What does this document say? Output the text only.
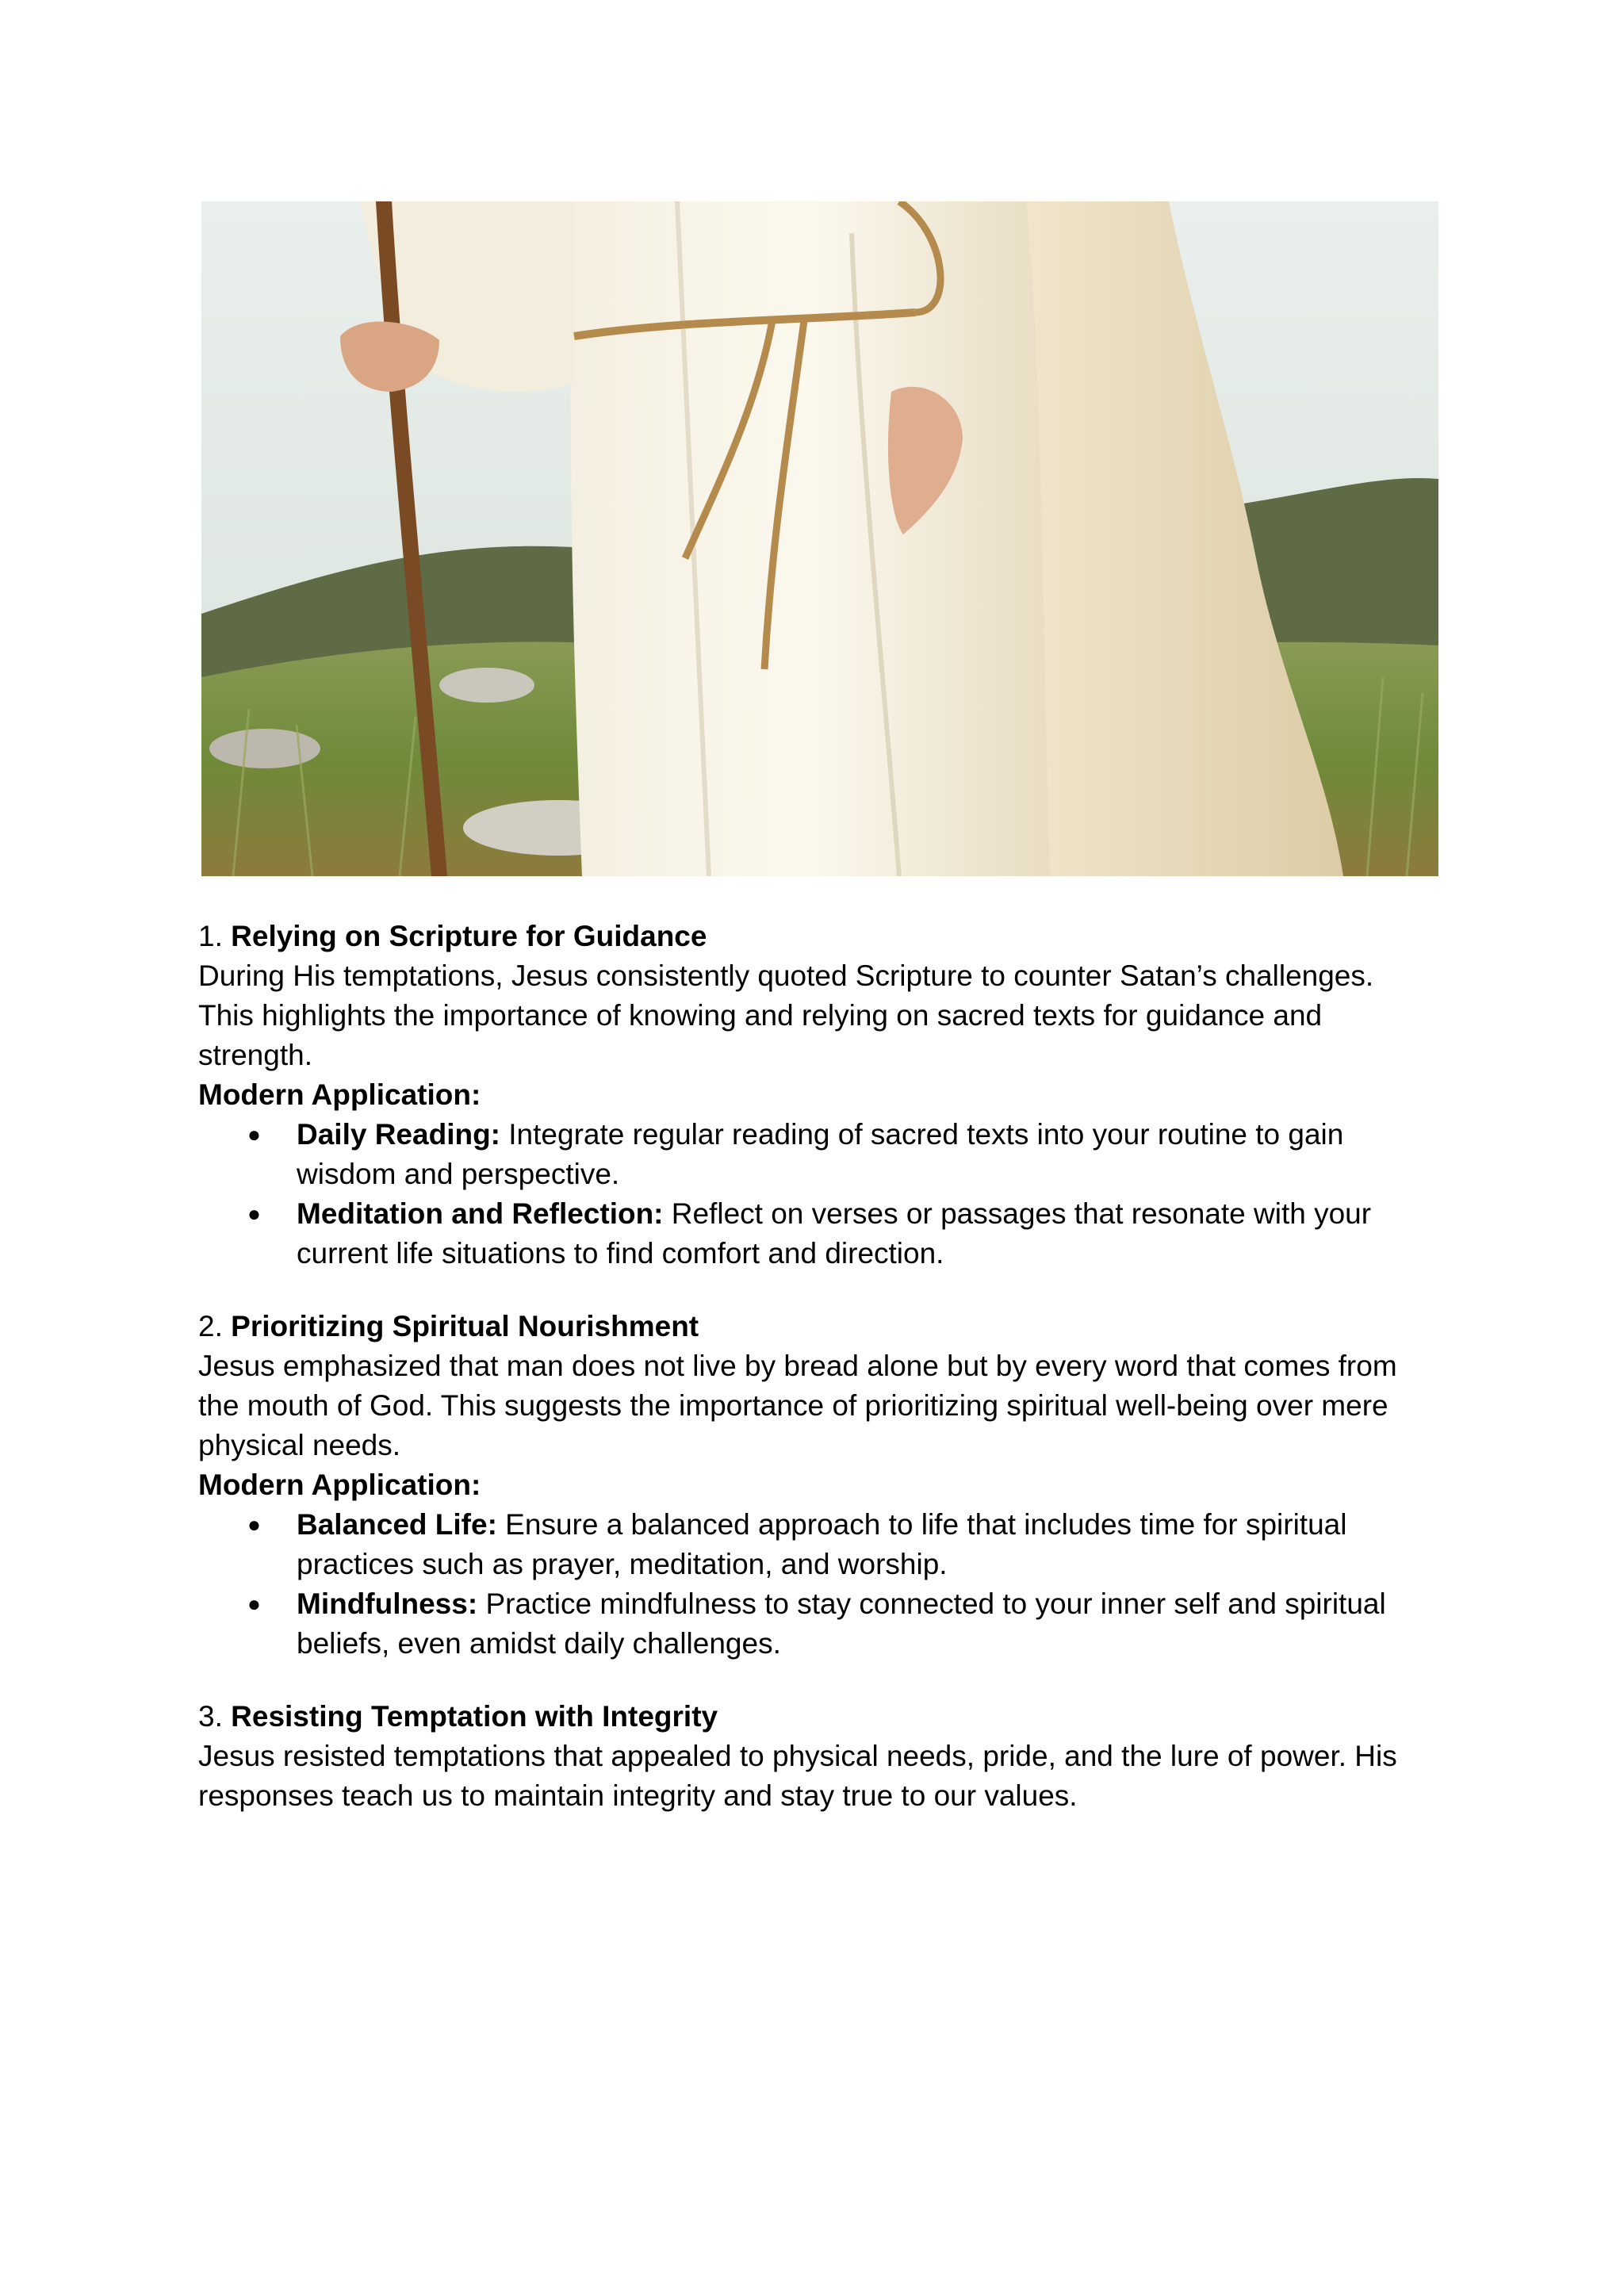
1. Relying on Scripture for Guidance

During His temptations, Jesus consistently quoted Scripture to counter Satan’s challenges. This highlights the importance of knowing and relying on sacred texts for guidance and strength.

Modern Application:

● Daily Reading: Integrate regular reading of sacred texts into your routine to gain wisdom and perspective.
● Meditation and Reflection: Reflect on verses or passages that resonate with your current life situations to find comfort and direction.

2. Prioritizing Spiritual Nourishment

Jesus emphasized that man does not live by bread alone but by every word that comes from the mouth of God. This suggests the importance of prioritizing spiritual well-being over mere physical needs.

Modern Application:

● Balanced Life: Ensure a balanced approach to life that includes time for spiritual practices such as prayer, meditation, and worship.
● Mindfulness: Practice mindfulness to stay connected to your inner self and spiritual beliefs, even amidst daily challenges.

3. Resisting Temptation with Integrity

Jesus resisted temptations that appealed to physical needs, pride, and the lure of power. His responses teach us to maintain integrity and stay true to our values.
